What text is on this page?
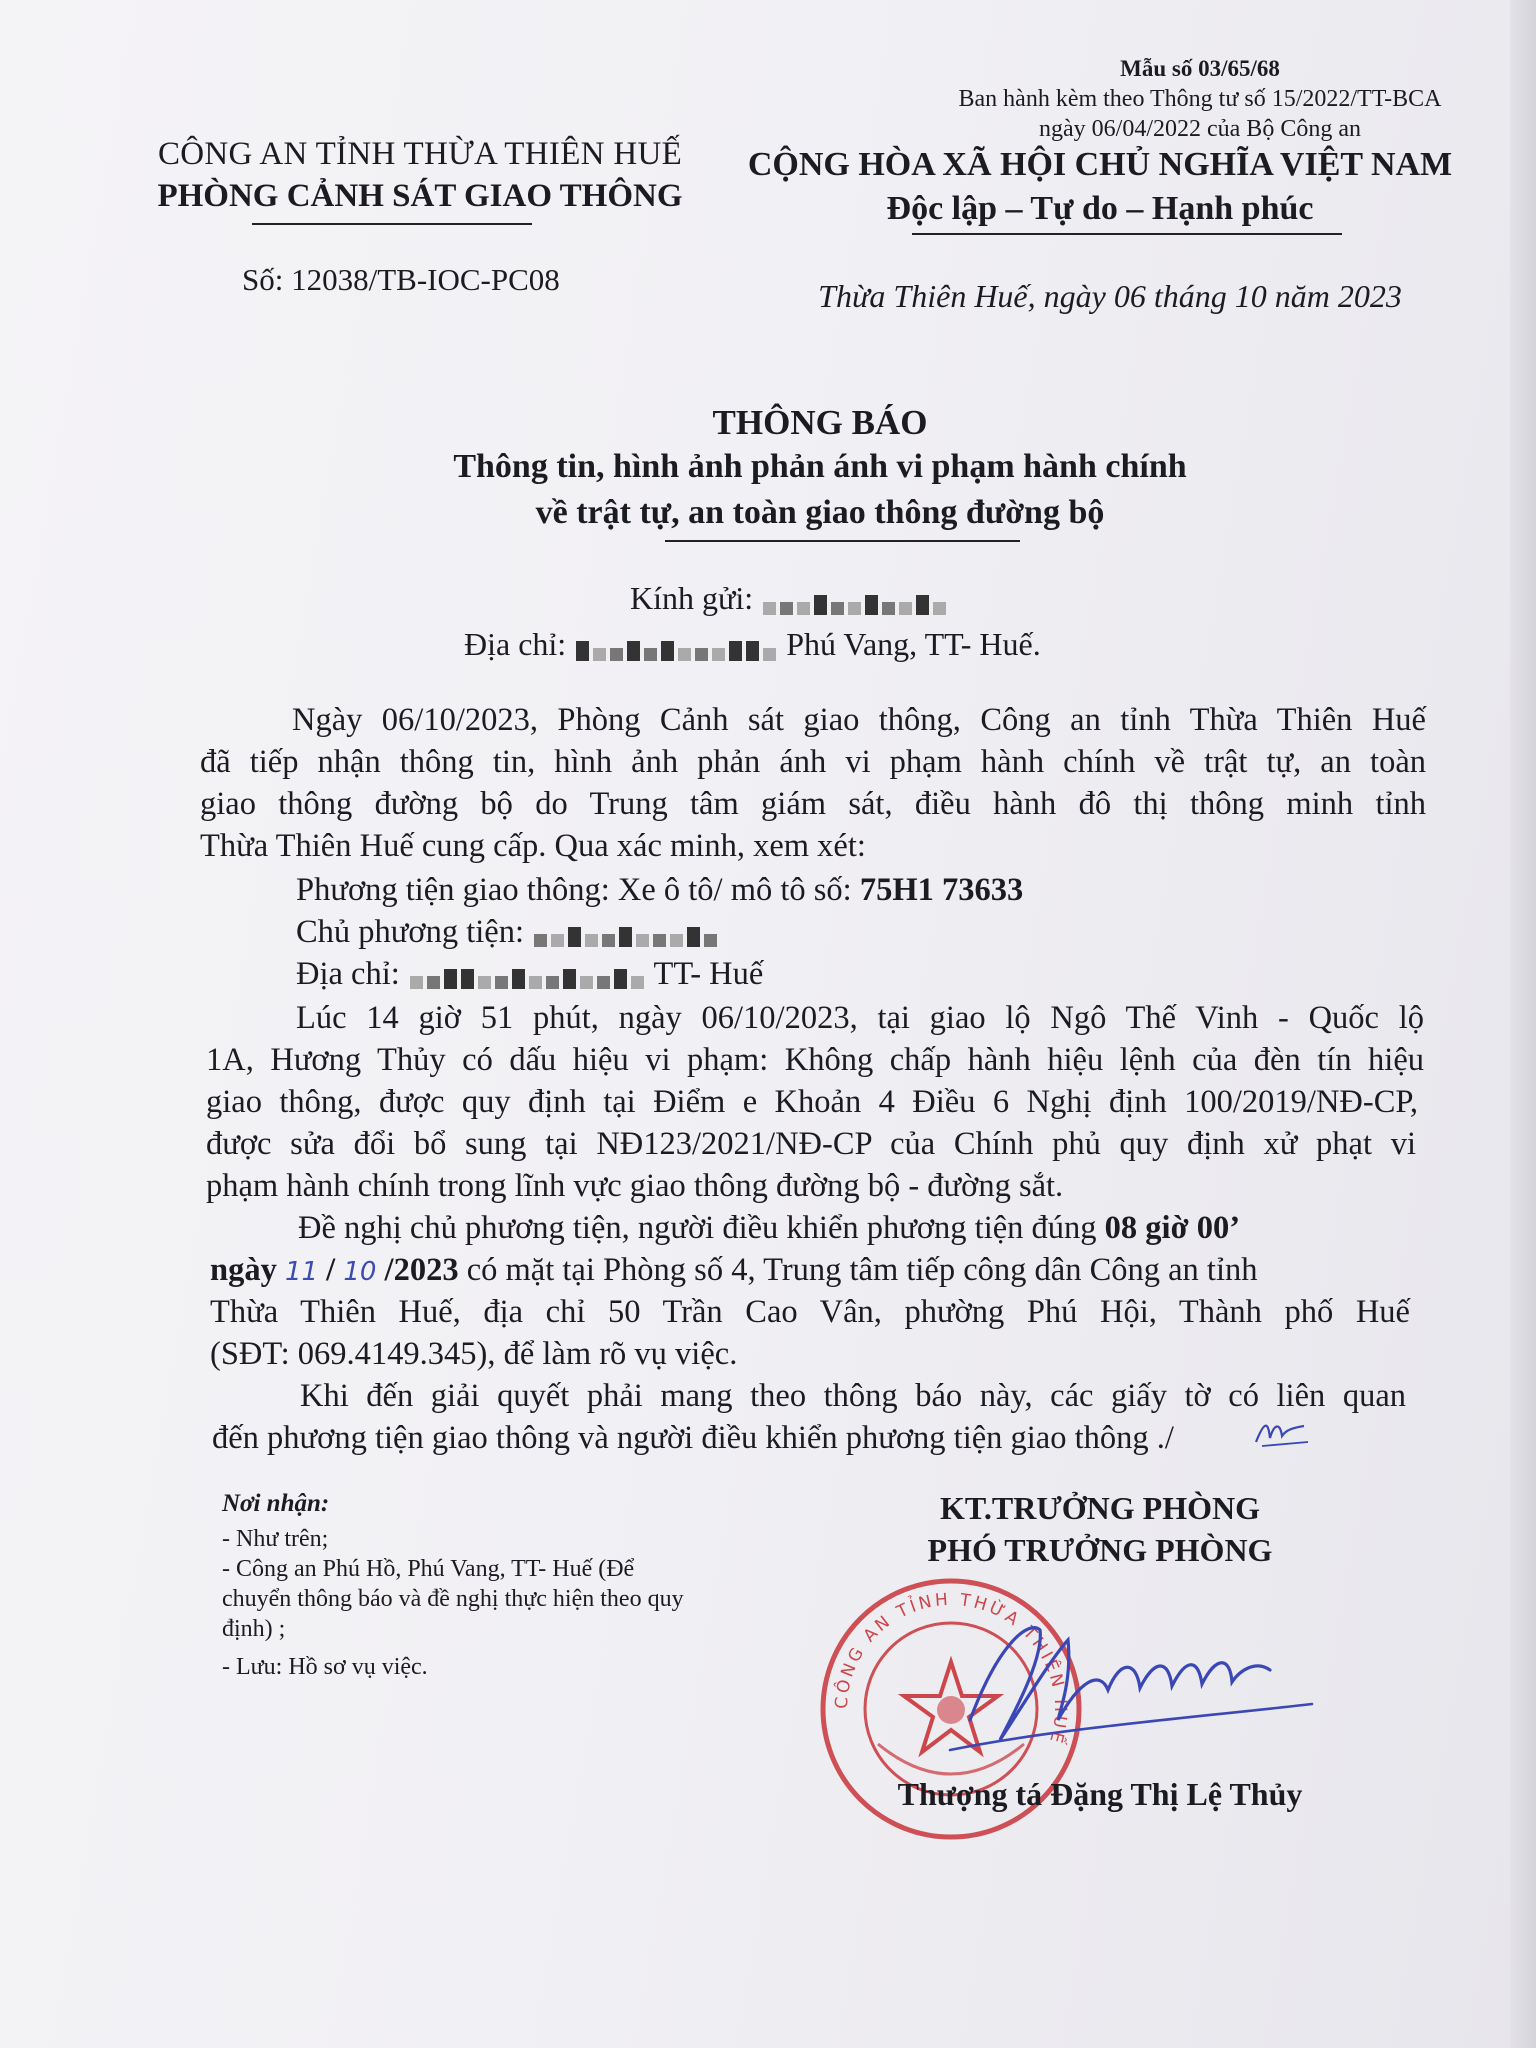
Mẫu số 03/65/68
Ban hành kèm theo Thông tư số 15/2022/TT-BCA
ngày 06/04/2022 của Bộ Công an
CÔNG AN TỈNH THỪA THIÊN HUẾ
PHÒNG CẢNH SÁT GIAO THÔNG
CỘNG HÒA XÃ HỘI CHỦ NGHĨA VIỆT NAM
Độc lập – Tự do – Hạnh phúc
Số: 12038/TB-IOC-PC08	Thừa Thiên Huế, ngày 06 tháng 10 năm 2023
THÔNG BÁO
Thông tin, hình ảnh phản ánh vi phạm hành chính
về trật tự, an toàn giao thông đường bộ
Kính gửi:
Địa chỉ:	Phú Vang, TT- Huế.
Ngày 06/10/2023, Phòng Cảnh sát giao thông, Công an tỉnh Thừa Thiên Huế
đã tiếp nhận thông tin, hình ảnh phản ánh vi phạm hành chính về trật tự, an toàn
giao thông đường bộ do Trung tâm giám sát, điều hành đô thị thông minh tỉnh
Thừa Thiên Huế cung cấp. Qua xác minh, xem xét:
Phương tiện giao thông: Xe ô tô/ mô tô số: 75H1 73633
Chủ phương tiện:
Địa chỉ:	TT- Huế
Lúc 14 giờ 51 phút, ngày 06/10/2023, tại giao lộ Ngô Thế Vinh - Quốc lộ
1A, Hương Thủy có dấu hiệu vi phạm: Không chấp hành hiệu lệnh của đèn tín hiệu
giao thông, được quy định tại Điểm e Khoản 4 Điều 6 Nghị định 100/2019/NĐ-CP,
được sửa đổi bổ sung tại NĐ123/2021/NĐ-CP của Chính phủ quy định xử phạt vi
phạm hành chính trong lĩnh vực giao thông đường bộ - đường sắt.
Đề nghị chủ phương tiện, người điều khiển phương tiện đúng 08 giờ 00’
ngày 11 / 10 /2023 có mặt tại Phòng số 4, Trung tâm tiếp công dân Công an tỉnh
Thừa Thiên Huế, địa chỉ 50 Trần Cao Vân, phường Phú Hội, Thành phố Huế
(SĐT: 069.4149.345), để làm rõ vụ việc.
Khi đến giải quyết phải mang theo thông báo này, các giấy tờ có liên quan
đến phương tiện giao thông và người điều khiển phương tiện giao thông ./
Nơi nhận:
- Như trên;
- Công an Phú Hồ, Phú Vang, TT- Huế (Để
chuyển thông báo và đề nghị thực hiện theo quy
định) ;
- Lưu: Hồ sơ vụ việc.
KT.TRƯỞNG PHÒNG
PHÓ TRƯỞNG PHÒNG
CÔNG AN TỈNH THỪA THIÊN HUẾ
Thượng tá Đặng Thị Lệ Thủy
